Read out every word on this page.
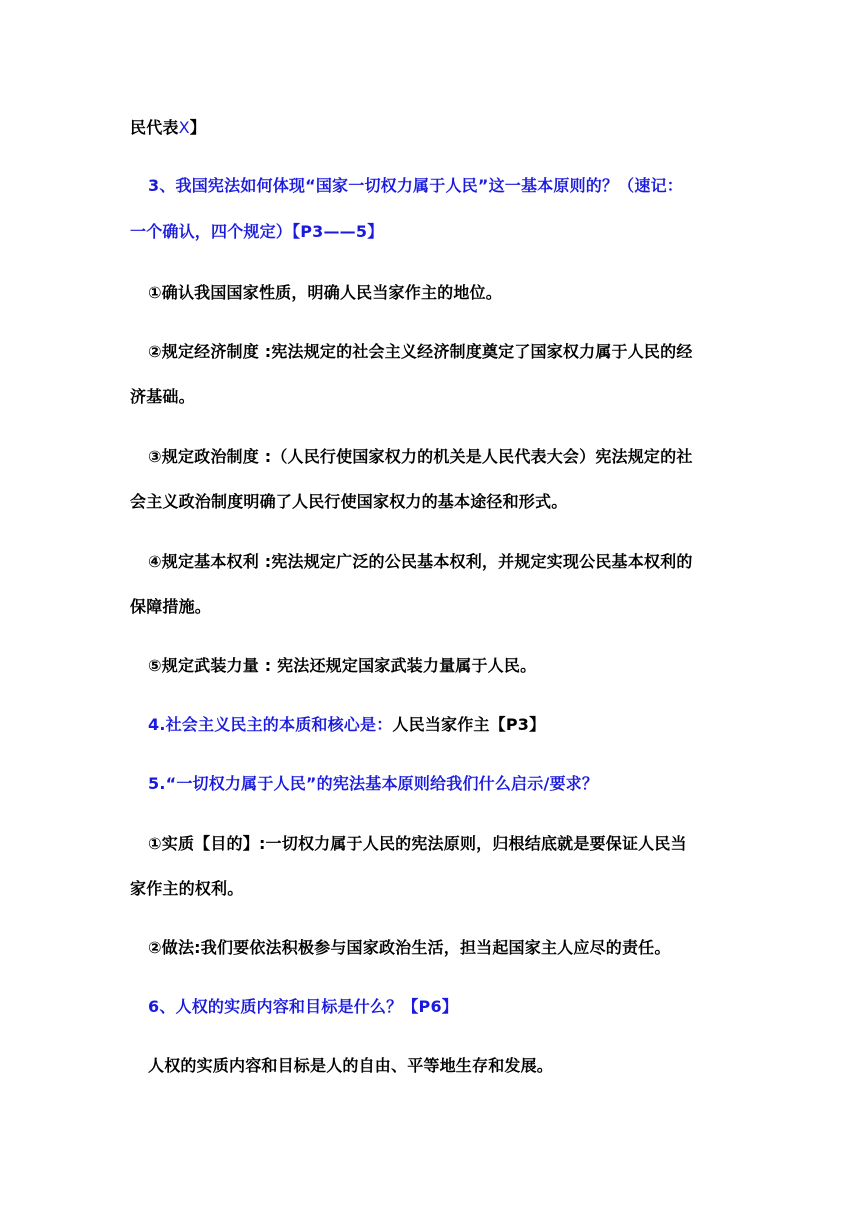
民代表X】
3、我国宪法如何体现“国家一切权力属于人民”这一基本原则的？（速记：
一个确认，四个规定）【P3——5】
①确认我国国家性质，明确人民当家作主的地位。
②规定经济制度 :宪法规定的社会主义经济制度奠定了国家权力属于人民的经
济基础。
③规定政治制度 :（人民行使国家权力的机关是人民代表大会）宪法规定的社
会主义政治制度明确了人民行使国家权力的基本途径和形式。
④规定基本权利 :宪法规定广泛的公民基本权利，并规定实现公民基本权利的
保障措施。
⑤规定武装力量 : 宪法还规定国家武装力量属于人民。
4.社会主义民主的本质和核心是：人民当家作主【P3】
5.“一切权力属于人民”的宪法基本原则给我们什么启示/要求？
①实质【目的】:一切权力属于人民的宪法原则，归根结底就是要保证人民当
家作主的权利。
②做法:我们要依法积极参与国家政治生活，担当起国家主人应尽的责任。
6、人权的实质内容和目标是什么？【P6】
人权的实质内容和目标是人的自由、平等地生存和发展。
